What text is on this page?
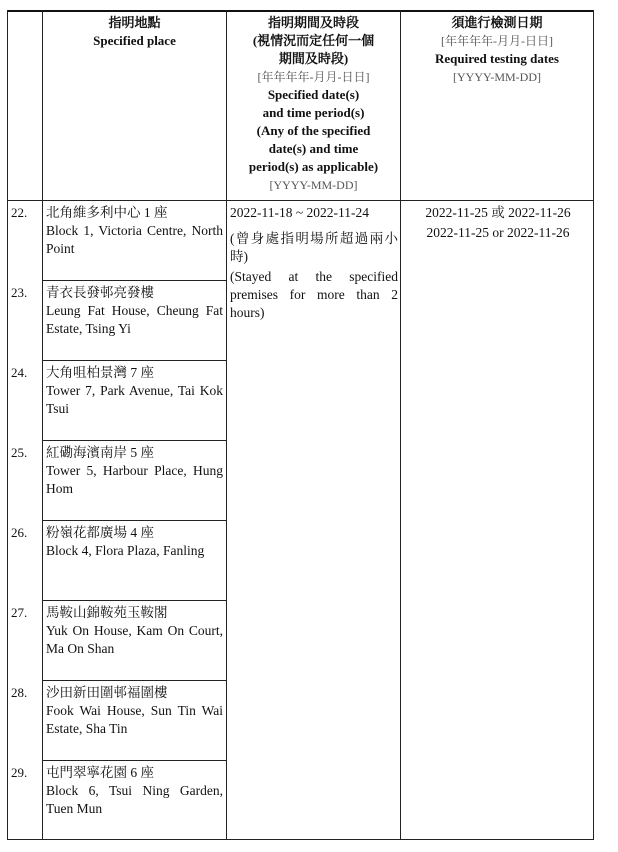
指明地點
Specified place
指明期間及時段
(視情況而定任何一個
期間及時段)
[年年年年-月月-日日]
Specified date(s)
and time period(s)
(Any of the specified
date(s) and time
period(s) as applicable)
[YYYY-MM-DD]
須進行檢測日期
[年年年年-月月-日日]
Required testing dates
[YYYY-MM-DD]
22. 北角維多利中心 1 座
Block 1, Victoria Centre, North Point
23. 青衣長發邨亮發樓
Leung Fat House, Cheung Fat Estate, Tsing Yi
24. 大角咀柏景灣 7 座
Tower 7, Park Avenue, Tai Kok Tsui
25. 紅磡海濱南岸 5 座
Tower 5, Harbour Place, Hung Hom
26. 粉嶺花都廣場 4 座
Block 4, Flora Plaza, Fanling
27. 馬鞍山錦鞍苑玉鞍閣
Yuk On House, Kam On Court, Ma On Shan
28. 沙田新田圍邨福圍樓
Fook Wai House, Sun Tin Wai Estate, Sha Tin
29. 屯門翠寧花園 6 座
Block 6, Tsui Ning Garden, Tuen Mun
2022-11-18 ~ 2022-11-24
(曾身處指明場所超過兩小時)
(Stayed at the specified premises for more than 2 hours)
2022-11-25 或 2022-11-26
2022-11-25 or 2022-11-26
